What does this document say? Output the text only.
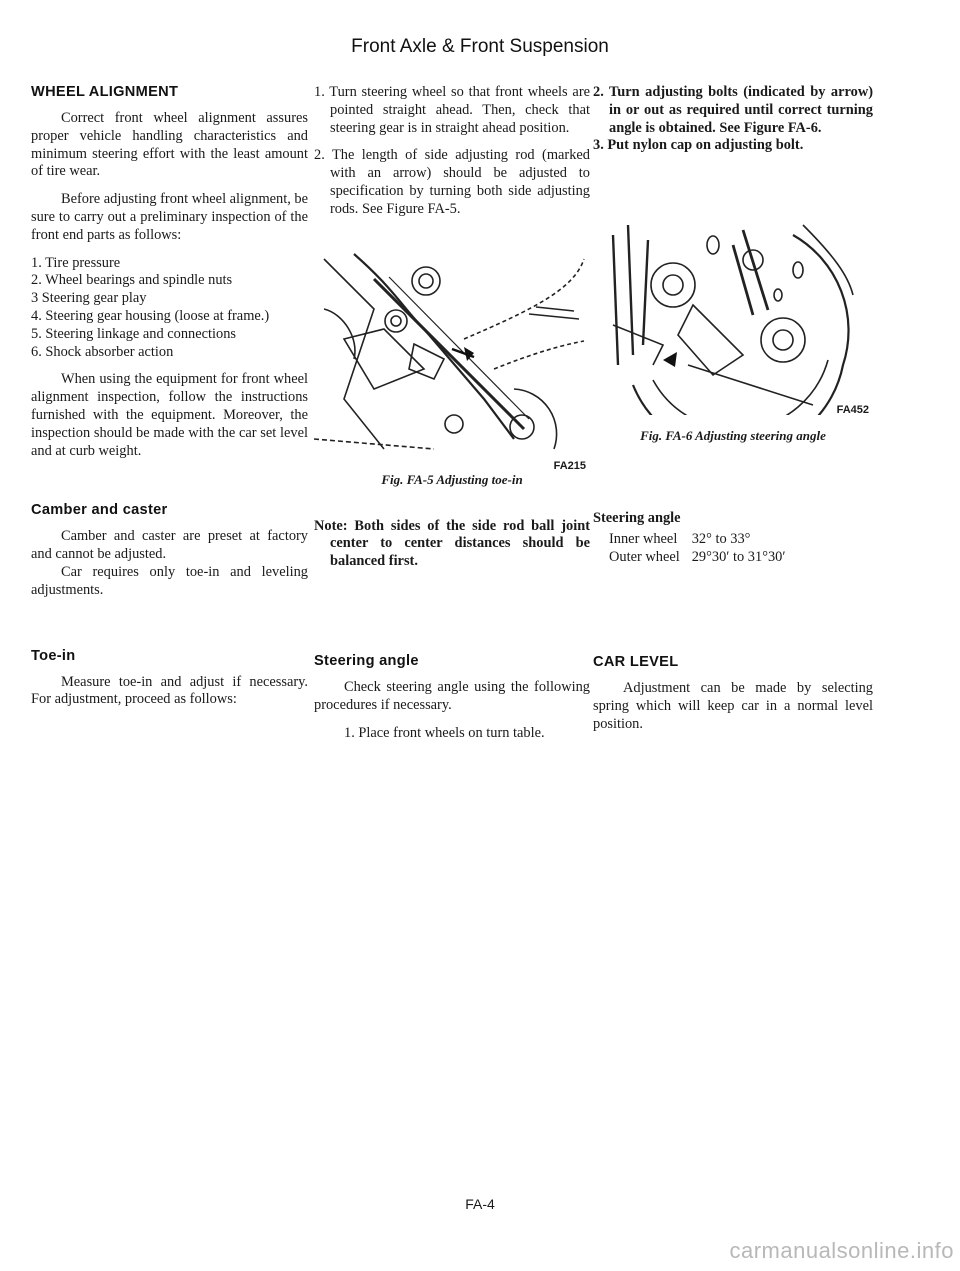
Front Axle & Front Suspension
WHEEL ALIGNMENT

Correct front wheel alignment assures proper vehicle handling characteristics and minimum steering effort with the least amount of tire wear.

Before adjusting front wheel alignment, be sure to carry out a preliminary inspection of the front end parts as follows:

1. Tire pressure
2. Wheel bearings and spindle nuts
3 Steering gear play
4. Steering gear housing (loose at frame.)
5. Steering linkage and connections
6. Shock absorber action

When using the equipment for front wheel alignment inspection, follow the instructions furnished with the equipment. Moreover, the inspection should be made with the car set level and at curb weight.

Camber and caster

Camber and caster are preset at factory and cannot be adjusted.

Car requires only toe-in and leveling adjustments.

Toe-in

Measure toe-in and adjust if necessary. For adjustment, proceed as follows:

1. Turn steering wheel so that front wheels are pointed straight ahead. Then, check that steering gear is in straight ahead position.

2. The length of side adjusting rod (marked with an arrow) should be adjusted to specification by turning both side adjusting rods. See Figure FA-5.

FA215
Fig. FA-5 Adjusting toe-in

Note: Both sides of the side rod ball joint center to center distances should be balanced first.

Steering angle

Check steering angle using the following procedures if necessary.

1. Place front wheels on turn table.

2. Turn adjusting bolts (indicated by arrow) in or out as required until correct turning angle is obtained. See Figure FA-6.

3. Put nylon cap on adjusting bolt.

FA452
Fig. FA-6 Adjusting steering angle

Steering angle

Inner wheel	32° to 33°
Outer wheel	29°30′ to 31°30′
CAR LEVEL

Adjustment can be made by selecting spring which will keep car in a normal level position.

FA-4
carmanualsonline.info
